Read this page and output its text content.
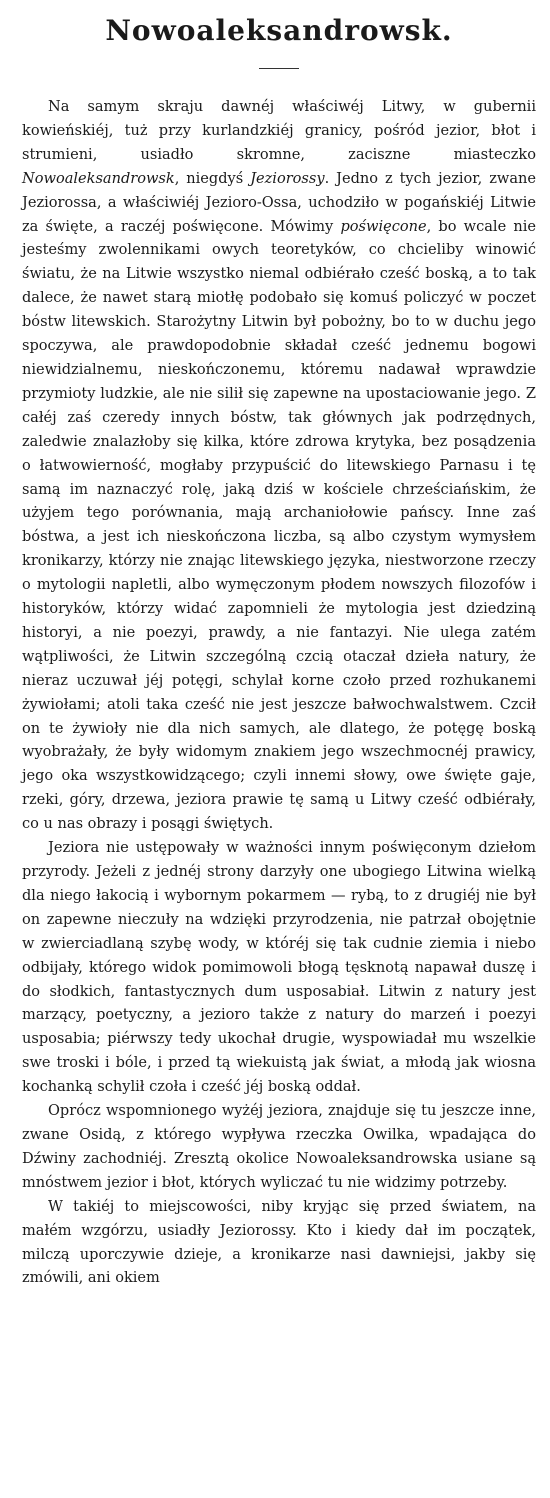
Nowoaleksandrowsk.

Na samym skraju dawnéj właściwéj Litwy, w gubernii kowieńskiéj, tuż przy kurlandzkiéj granicy, pośród jezior, błot i strumieni, usiadło skromne, zaciszne miasteczko Nowoaleksandrowsk, niegdyś Jeziorossy. Jedno z tych jezior, zwane Jeziorossa, a właściwiéj Jezioro-Ossa, uchodziło w pogańskiéj Litwie za święte, a raczéj poświęcone. Mówimy poświęcone, bo wcale nie jesteśmy zwolennikami owych teoretyków, co chcieliby winowić światu, że na Litwie wszystko niemal odbiérało cześć boską, a to tak dalece, że nawet starą miotłę podobało się komuś policzyć w poczet bóstw litewskich. Starożytny Litwin był pobożny, bo to w duchu jego spoczywa, ale prawdopodobnie składał cześć jednemu bogowi niewidzialnemu, nieskończonemu, któremu nadawał wprawdzie przymioty ludzkie, ale nie silił się zapewne na upostaciowanie jego. Z całéj zaś czeredy innych bóstw, tak głównych jak podrzędnych, zaledwie znalazłoby się kilka, które zdrowa krytyka, bez posądzenia o łatwowierność, mogłaby przypuścić do litewskiego Parnasu i tę samą im naznaczyć rolę, jaką dziś w kościele chrześciańskim, że użyjem tego porównania, mają archaniołowie pańscy. Inne zaś bóstwa, a jest ich nieskończona liczba, są albo czystym wymysłem kronikarzy, którzy nie znając litewskiego języka, niestworzone rzeczy o mytologii napletli, albo wymęczonym płodem nowszych filozofów i historyków, którzy widać zapomnieli że mytologia jest dziedziną historyi, a nie poezyi, prawdy, a nie fantazyi. Nie ulega zatém wątpliwości, że Litwin szczególną czcią otaczał dzieła natury, że nieraz uczuwał jéj potęgi, schylał korne czoło przed rozhukanemi żywiołami; atoli taka cześć nie jest jeszcze bałwochwalstwem. Czcił on te żywioły nie dla nich samych, ale dlatego, że potęgę boską wyobrażały, że były widomym znakiem jego wszechmocnéj prawicy, jego oka wszystkowidzącego; czyli innemi słowy, owe święte gaje, rzeki, góry, drzewa, jeziora prawie tę samą u Litwy cześć odbiérały, co u nas obrazy i posągi świętych.

Jeziora nie ustępowały w ważności innym poświęconym dziełom przyrody. Jeżeli z jednéj strony darzyły one ubogiego Litwina wielką dla niego łakocią i wybornym pokarmem — rybą, to z drugiéj nie był on zapewne nieczuły na wdzięki przyrodzenia, nie patrzał obojętnie w zwierciadlaną szybę wody, w któréj się tak cudnie ziemia i niebo odbijały, którego widok pomimowoli błogą tęsknotą napawał duszę i do słodkich, fantastycznych dum usposabiał. Litwin z natury jest marzący, poetyczny, a jezioro także z natury do marzeń i poezyi usposabia; piérwszy tedy ukochał drugie, wyspowiadał mu wszelkie swe troski i bóle, i przed tą wiekuistą jak świat, a młodą jak wiosna kochanką schylił czoła i cześć jéj boską oddał.

Oprócz wspomnionego wyżéj jeziora, znajduje się tu jeszcze inne, zwane Osidą, z którego wypływa rzeczka Owilka, wpadająca do Dźwiny zachodniéj. Zresztą okolice Nowoaleksandrowska usiane są mnóstwem jezior i błot, których wyliczać tu nie widzimy potrzeby.

W takiéj to miejscowości, niby kryjąc się przed światem, na małém wzgórzu, usiadły Jeziorossy. Kto i kiedy dał im początek, milczą uporczywie dzieje, a kronikarze nasi dawniejsi, jakby się zmówili, ani okiem
